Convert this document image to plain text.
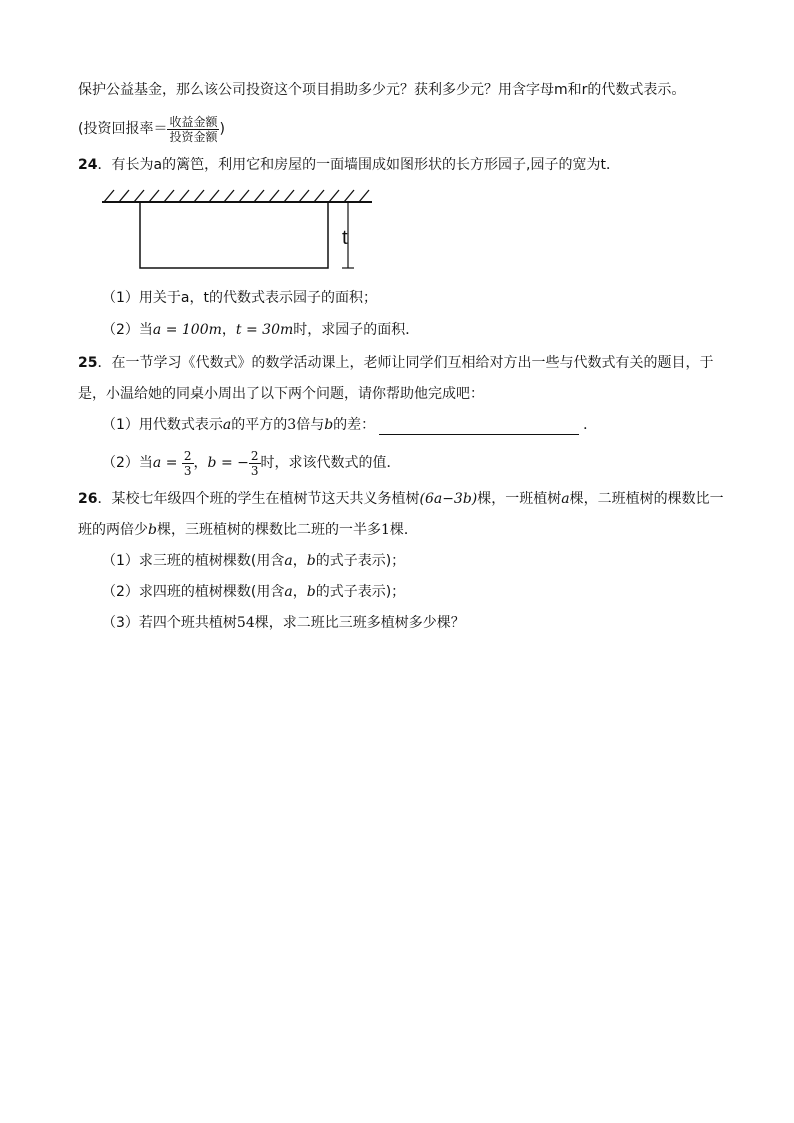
保护公益基金，那么该公司投资这个项目捐助多少元？获利多少元？用含字母m和r的代数式表示。
(投资回报率＝ $\frac{\text{收益金额}}{\text{投资金额}}$ )
24．有长为a的篱笆，利用它和房屋的一面墙围成如图形状的长方形园子,园子的宽为t．
t
（1）用关于a，t的代数式表示园子的面积；
（2）当a = 100m，t = 30m时，求园子的面积．
25．在一节学习《代数式》的数学活动课上，老师让同学们互相给对方出一些与代数式有关的题目，于
是，小温给她的同桌小周出了以下两个问题，请你帮助他完成吧：
（1）用代数式表示a的平方的3倍与b的差：	．
（2）当$a = \frac{2}{3}$ ，b = − $\frac{2}{3}$ 时，求该代数式的值．
26．某校七年级四个班的学生在植树节这天共义务植树(6a−3b)棵，一班植树a棵，二班植树的棵数比一
班的两倍少b棵，三班植树的棵数比二班的一半多1棵．
（1）求三班的植树棵数(用含a，b的式子表示)；
（2）求四班的植树棵数(用含a，b的式子表示)；
（3）若四个班共植树54棵，求二班比三班多植树多少棵？
